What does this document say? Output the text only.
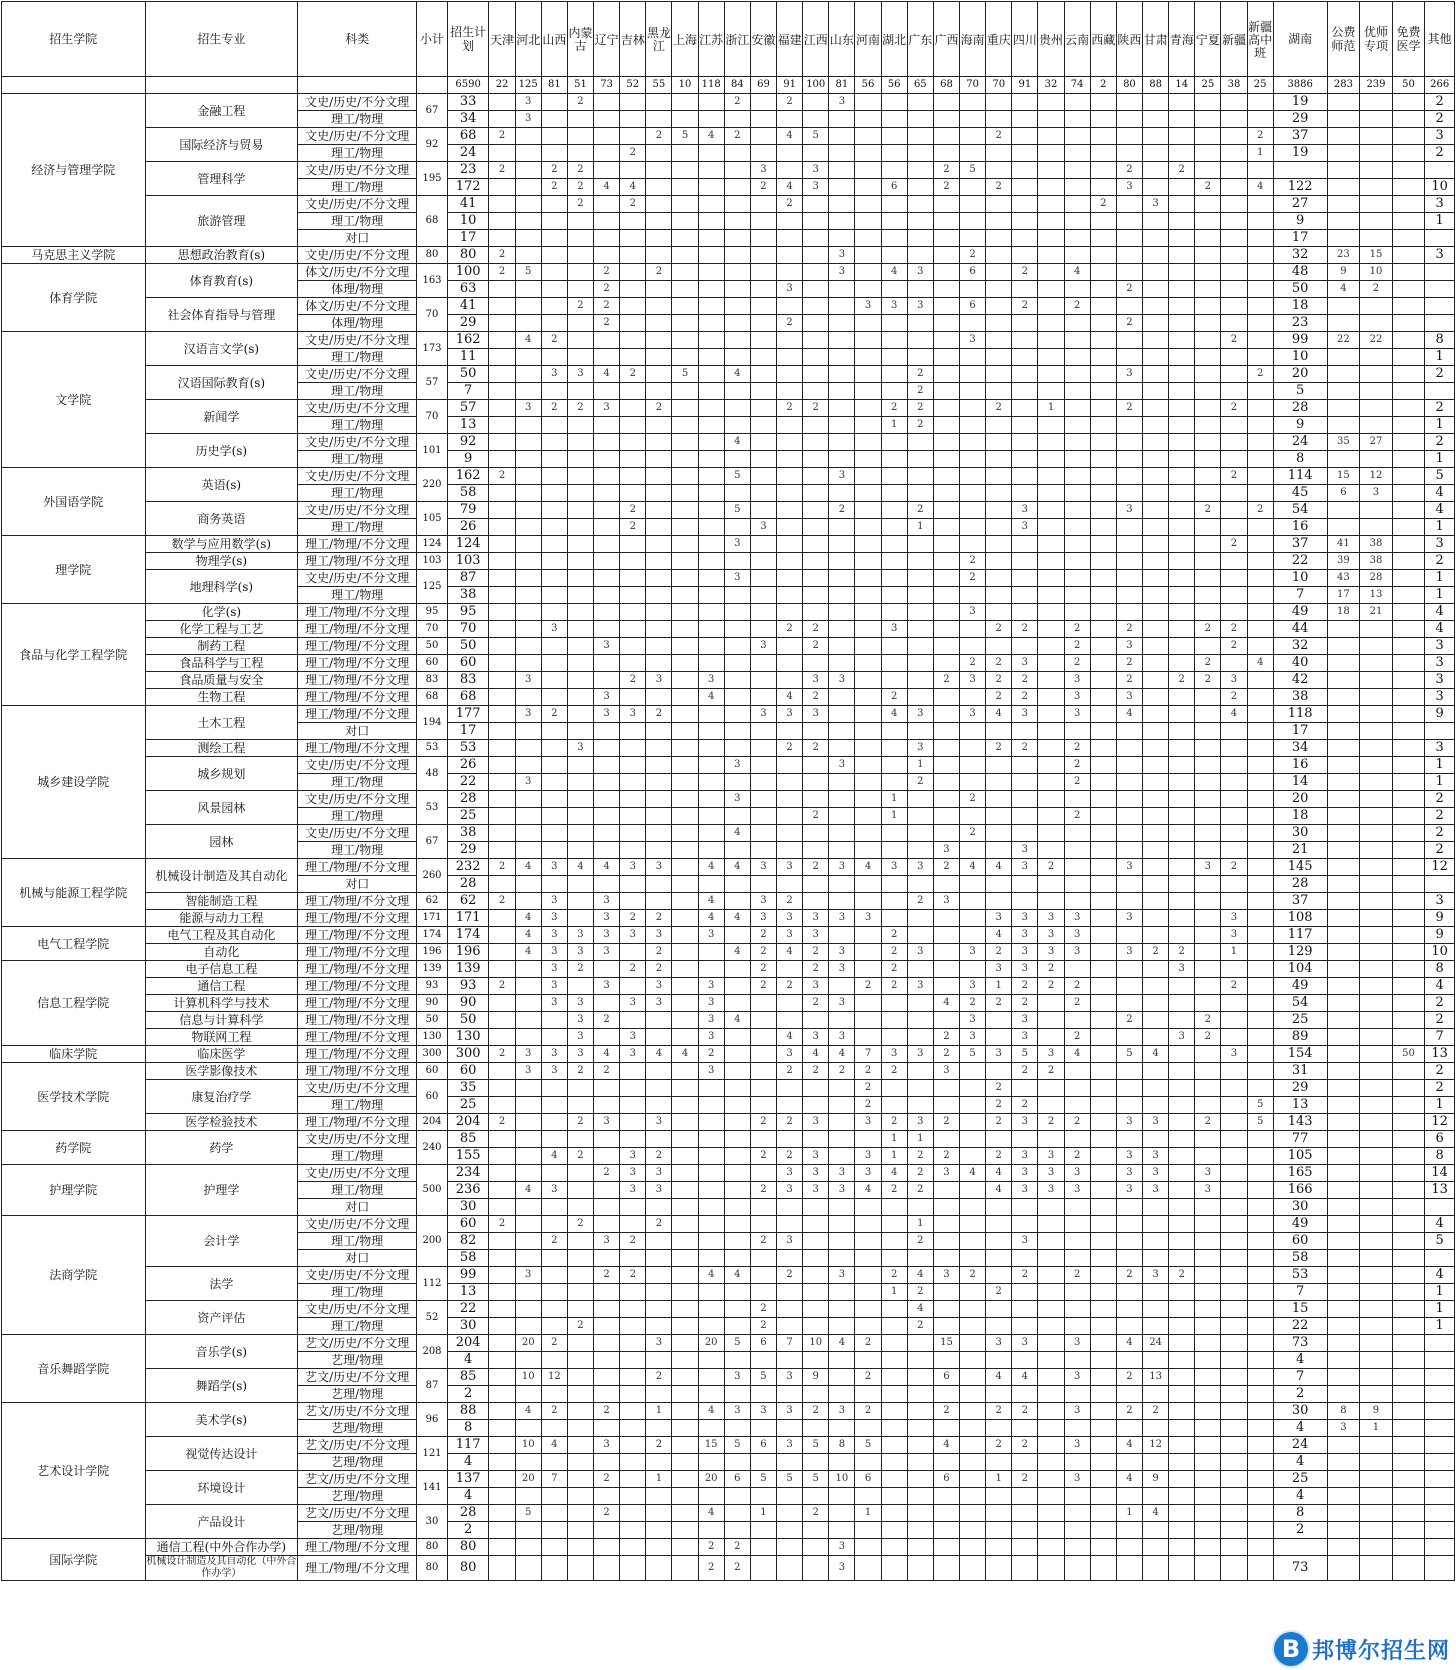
招生学院	招生专业	科类	小计	招生计划	天津	河北	山西	内蒙古	辽宁	吉林	黑龙江	上海	江苏	浙江	安徽	福建	江西	山东	河南	湖北	广东	广西	海南	重庆	四川	贵州	云南	西藏	陕西	甘肃	青海	宁夏	新疆	新疆高中班	湖南	公费师范	优师专项	免费医学	其他
				6590	22	125	81	51	73	52	55	10	118	84	69	91	100	81	56	56	65	68	70	70	91	32	74	2	80	88	14	25	38	25	3886	283	239	50	266
经济与管理学院	金融工程	文史/历史/不分文理	67	33		3		2						2		2		3																	19				2
		理工/物理		34		3																													29				2
	国际经济与贸易	文史/历史/不分文理	92	68	2						2	5	4	2		4	5							2										2	37				3
		理工/物理		24						2																								1	19				2
	管理科学	文史/历史/不分文理	195	23	2		2	2							3		3					2	5						2		2								
		理工/物理		172			2	2	4	4					2	4	3			6		2		2					3			2		4	122				10
	旅游管理	文史/历史/不分文理	68	41				2		2						2												2		3					27				3
		理工/物理		10																															9				1
		对口		17																															17				
马克思主义学院	思想政治教育(s)	文史/历史/不分文理	80	80	2													3					2												32	23	15		3
体育学院	体育教育(s)	体文/历史/不分文理	163	100	2	5			2		2							3		4	3		6		2		4								48	9	10		
		体理/物理		63					2							3													2						50	4	2		
	社会体育指导与管理	体文/历史/不分文理	70	41				2	2										3	3	3		6		2		2								18				
		体理/物理		29					2							2													2						23				
文学院	汉语言文学(s)	文史/历史/不分文理	173	162		4	2																3										2		99	22	22		8
		理工/物理		11																															10				1
	汉语国际教育(s)	文史/历史/不分文理	57	50			3	3	4	2		5		4							2								3					2	20				2
		理工/物理		7																	2														5				
	新闻学	文史/历史/不分文理	70	57		3	2	2	3		2					2	2			2	2			2		1			2				2		28				2
		理工/物理		13																1	2														9				1
	历史学(s)	文史/历史/不分文理	101	92										4																					24	35	27		2
		理工/物理		9																															8				1
外国语学院	英语(s)	文史/历史/不分文理	220	162	2									5				3															2		114	15	12		5
		理工/物理		58																															45	6	3		4
	商务英语	文史/历史/不分文理	105	79						2				5				2			2				3				3			2		2	54				4
		理工/物理		26						2					3						1				3										16				1
理学院	数学与应用数学(s)	理工/物理/不分文理	124	124										3																			2		37	41	38		3
	物理学(s)	理工/物理/不分文理	103	103																			2												22	39	38		2
	地理科学(s)	文史/历史/不分文理	125	87										3									2												10	43	28		1
		理工/物理		38																															7	17	13		1
食品与化学工程学院	化学(s)	理工/物理/不分文理	95	95																			3												49	18	21		4
	化学工程与工艺	理工/物理/不分文理	70	70			3									2	2			3				2	2		2		2			2	2		44				4
	制药工程	理工/物理/不分文理	50	50					3						3		2										2		3				2		32				3
	食品科学与工程	理工/物理/不分文理	60	60																			2	2	3		2		2			2		4	40				3
	食品质量与安全	理工/物理/不分文理	83	83		3				2	3		3				3	3				2	3	2	2		3		2		2	2	3		42				3
	生物工程	理工/物理/不分文理	68	68					3				4			4	2			2				2	2		3		3				2		38				3
城乡建设学院	土木工程	理工/物理/不分文理	194	177		3	2		3	3	2				3	3	3			4	3		3	4	3		3		4				4		118				9
		对口		17																															17				
	测绘工程	理工/物理/不分文理	53	53				3								2	2				3			2	2		2								34				3
	城乡规划	文史/历史/不分文理	48	26										3				3			1						2								16				1
		理工/物理		22		3															2						2								14				1
	风景园林	文史/历史/不分文理	53	28										3						1			2												20				2
		理工/物理		25													2			1							2								18				2
	园林	文史/历史/不分文理	67	38										4									2												30				2
		理工/物理		29																		3			3										21				2
机械与能源工程学院	机械设计制造及其自动化	理工/物理/不分文理	260	232	2	4	3	4	4	3	3		4	4	3	3	2	3	4	3	3	2	4	4	3	2			3			3	2		145				12
		对口		28																															28				
	智能制造工程	理工/物理/不分文理	62	62	2		3		3				4		3	2					2	3													37				3
	能源与动力工程	理工/物理/不分文理	171	171		4	3		3	2	2		4	4	3	3	3	3	3					3	3	3	3		3				3		108				9
电气工程学院	电气工程及其自动化	理工/物理/不分文理	174	174		4	3	3	3	3	3		3		2	3	3			2				4	3	3	3						3		117				9
	自动化	理工/物理/不分文理	196	196		4	3	3	3		2			4	2	4	2	3		2	3		3	2	3	3	3		3	2	2		1		129				10
信息工程学院	电子信息工程	理工/物理/不分文理	139	139			3	2		2	2				2		2	3		2				3	3	2					3				104				8
	通信工程	理工/物理/不分文理	93	93	2		3		3		3		3		2	2	3		2	2	3		3	1	2	2	2						2		49				4
	计算机科学与技术	理工/物理/不分文理	90	90			3	3		3	3		3				2	3				4	2	2	2		2								54				2
	信息与计算科学	理工/物理/不分文理	50	50				3	2				3	4									3		3				2			2			25				2
	物联网工程	理工/物理/不分文理	130	130				3		3			3			4	3	3				2	3		3		2				3	2			89				7
临床学院	临床医学	理工/物理/不分文理	300	300	2	3	3	3	4	3	4	4	2			3	4	4	7	3	3	2	5	3	5	3	4		5	4			3		154			50	13
医学技术学院	医学影像技术	理工/物理/不分文理	60	60		3	3	2	2				3			2	2	2	2	2		3			2	2									31				2
	康复治疗学	文史/历史/不分文理	60	35															2					2											29				2
		理工/物理		25															2					2	2									5	13				1
	医学检验技术	理工/物理/不分文理	204	204	2			2	3		3				2	2	3		3	2	3	2		2	3	2	2		3	3		2		5	143				12
药学院	药学	文史/历史/不分文理	240	85																1	1														77				6
		理工/物理		155			4	2		3	2				2	2	3		3	1	2	2		2	3	3	2		3	3					105				8
护理学院	护理学	文史/历史/不分文理	500	234					2	3	3					3	3	3	3	4	2	3	4	4	3	3	3		3	3		3			165				14
		理工/物理		236		4	3			3	3				2	3	3	3	4	2	2			4	3	3	3		3	3		3			166				13
		对口		30																															30				
法商学院	会计学	文史/历史/不分文理	200	60	2			2			2										1														49				4
		理工/物理		82			2		3	2					2	3					2				3										60				5
		对口		58																															58				
	法学	文史/历史/不分文理	112	99		3			2	2			4	4		2		3		2	4	3	2		2		2		2	3	2				53				4
		理工/物理		13																1	2			2											7				1
	资产评估	文史/历史/不分文理	52	22											2						4														15				1
		理工/物理		30				2							2						2														22				1
音乐舞蹈学院	音乐学(s)	艺文/历史/不分文理	208	204		20	2				3		20	5	6	7	10	4	2			15		3	3		3		4	24					73				
		艺理/物理		4																															4				
	舞蹈学(s)	艺文/历史/不分文理	87	85		10	12				2			3	5	3	9		2			6		4	4		3		2	13					7				
		艺理/物理		2																															2				
艺术设计学院	美术学(s)	艺文/历史/不分文理	96	88		4	2		2		1		4	3	3	3	2	3	2			2		2	2		3		2	2					30	8	9		
		艺理/物理		8																															4	3	1		
	视觉传达设计	艺文/历史/不分文理	121	117		10	4		3		2		15	5	6	3	5	8	5			4		2	2		3		4	12					24				
		艺理/物理		4																															4				
	环境设计	艺文/历史/不分文理	141	137		20	7		2		1		20	6	5	5	5	10	6			6		1	2		3		4	9					25				
		艺理/物理		4																															4				
	产品设计	艺文/历史/不分文理	30	28		5			2				4		1		2		1										1	4					8				
		艺理/物理		2																															2				
国际学院	通信工程(中外合作办学)	理工/物理/不分文理	80	80									2	2				3																					
	机械设计制造及其自动化（中外合作办学）	理工/物理/不分文理	80	80									2	2				3																	73				
B 邦博尔招生网
